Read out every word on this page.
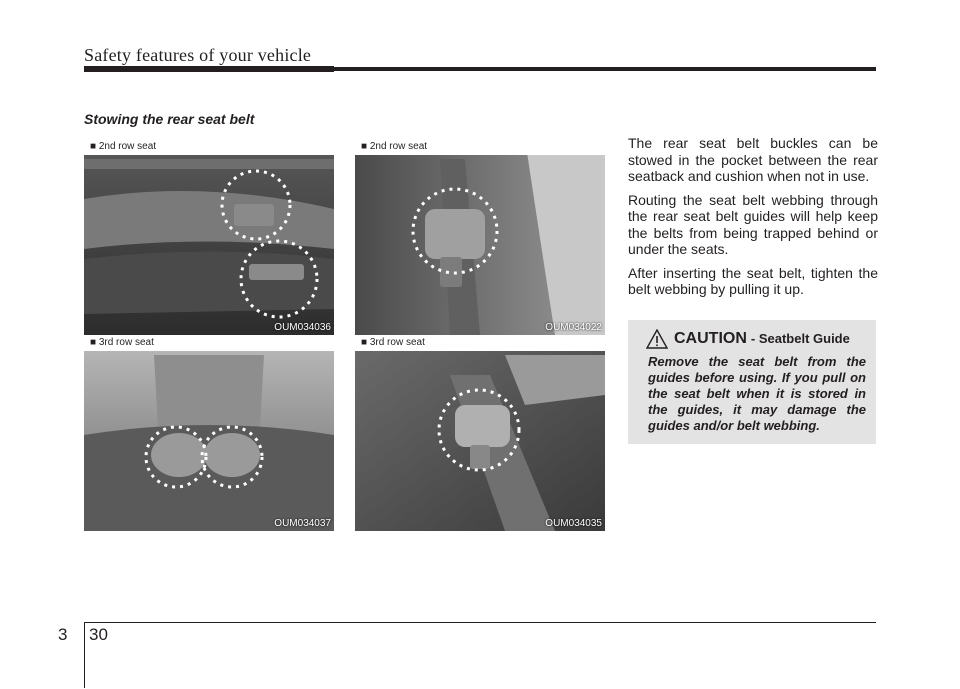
Safety features of your vehicle
Stowing the rear seat belt
■ 2nd row seat
OUM034036
■ 2nd row seat
OUM034022
■ 3rd row seat
OUM034037
■ 3rd row seat
OUM034035

The rear seat belt buckles can be stowed in the pocket between the rear seatback and cushion when not in use.

Routing the seat belt webbing through the rear seat belt guides will help keep the belts from being trapped behind or under the seats.

After inserting the seat belt, tighten the belt webbing by pulling it up.

CAUTION - Seatbelt Guide
Remove the seat belt from the guides before using. If you pull on the seat belt when it is stored in the guides, it may damage the guides and/or belt webbing.
3 30
